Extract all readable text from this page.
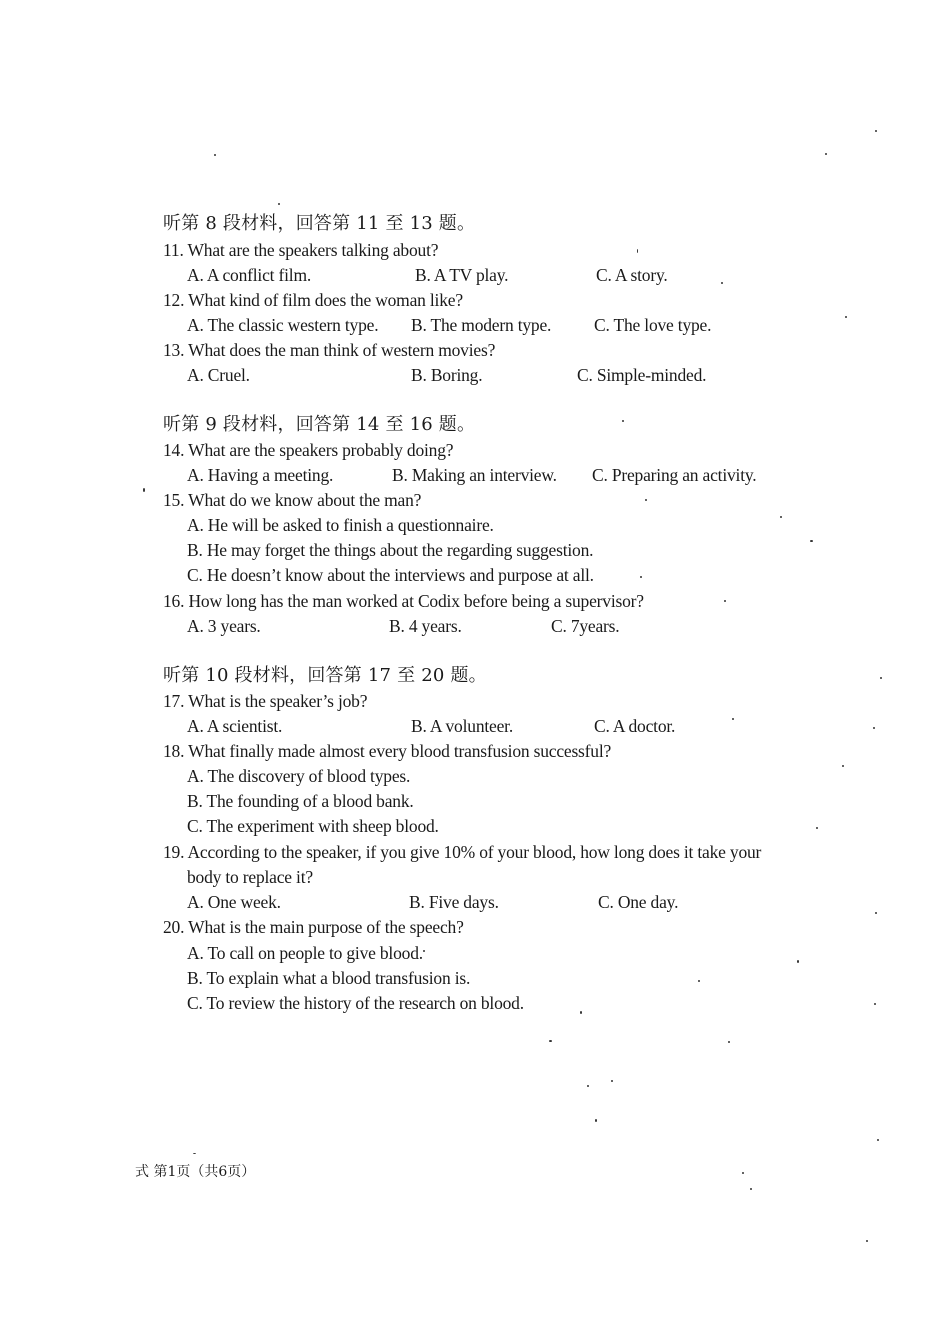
听第 8 段材料，回答第 11 至 13 题。
11. What are the speakers talking about?
A. A conflict film.	B. A TV play.	C. A story.
12. What kind of film does the woman like?
A. The classic western type. B. The modern type. C. The love type.
13. What does the man think of western movies?
A. Cruel.	B. Boring.	C. Simple-minded.
听第 9 段材料，回答第 14 至 16 题。
14. What are the speakers probably doing?
A. Having a meeting.	B. Making an interview. C. Preparing an activity.
15. What do we know about the man?
A. He will be asked to finish a questionnaire.
B. He may forget the things about the regarding suggestion.
C. He doesn’t know about the interviews and purpose at all.
16. How long has the man worked at Codix before being a supervisor?
A. 3 years.	B. 4 years.	C. 7years.
听第 10 段材料，回答第 17 至 20 题。
17. What is the speaker’s job?
A. A scientist.	B. A volunteer.	C. A doctor.
18. What finally made almost every blood transfusion successful?
A. The discovery of blood types.
B. The founding of a blood bank.
C. The experiment with sheep blood.
19. According to the speaker, if you give 10% of your blood, how long does it take your
body to replace it?
A. One week.	B. Five days.	C. One day.
20. What is the main purpose of the speech?
A. To call on people to give blood.
B. To explain what a blood transfusion is.
C. To review the history of the research on blood.
式 第1页（共6页）
